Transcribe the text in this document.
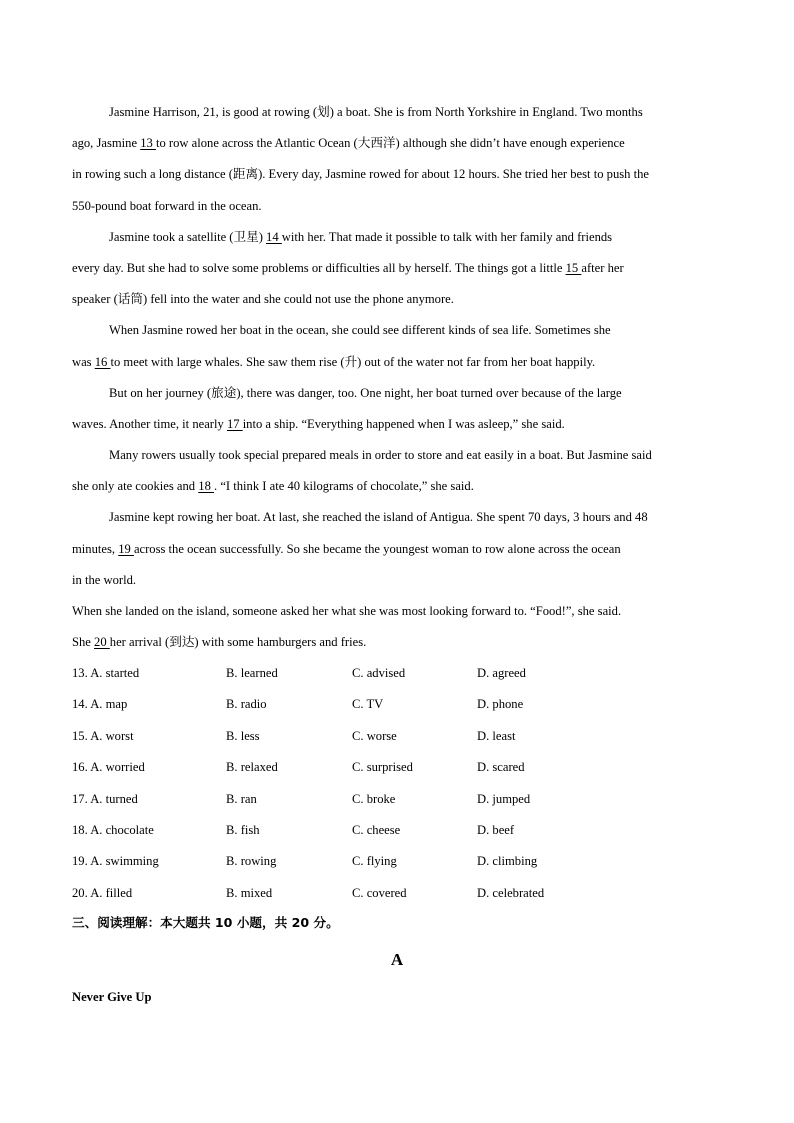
Jasmine Harrison, 21, is good at rowing (划) a boat. She is from North Yorkshire in England. Two months
ago, Jasmine 13 to row alone across the Atlantic Ocean (大西洋) although she didn’t have enough experience
in rowing such a long distance (距离). Every day, Jasmine rowed for about 12 hours. She tried her best to push the
550-pound boat forward in the ocean.
Jasmine took a satellite (卫星) 14 with her. That made it possible to talk with her family and friends
every day. But she had to solve some problems or difficulties all by herself. The things got a little 15 after her
speaker (话筒) fell into the water and she could not use the phone anymore.
When Jasmine rowed her boat in the ocean, she could see different kinds of sea life. Sometimes she
was 16 to meet with large whales. She saw them rise (升) out of the water not far from her boat happily.
But on her journey (旅途), there was danger, too. One night, her boat turned over because of the large
waves. Another time, it nearly 17 into a ship. “Everything happened when I was asleep,” she said.
Many rowers usually took special prepared meals in order to store and eat easily in a boat. But Jasmine said
she only ate cookies and 18 . “I think I ate 40 kilograms of chocolate,” she said.
Jasmine kept rowing her boat. At last, she reached the island of Antigua. She spent 70 days, 3 hours and 48
minutes, 19 across the ocean successfully. So she became the youngest woman to row alone across the ocean
in the world.
When she landed on the island, someone asked her what she was most looking forward to. “Food!”, she said.
She 20 her arrival (到达) with some hamburgers and fries.
13. A. started	B. learned	C. advised	D. agreed
14. A. map	B. radio	C. TV	D. phone
15. A. worst	B. less	C. worse	D. least
16. A. worried	B. relaxed	C. surprised	D. scared
17. A. turned	B. ran	C. broke	D. jumped
18. A. chocolate	B. fish	C. cheese	D. beef
19. A. swimming	B. rowing	C. flying	D. climbing
20. A. filled	B. mixed	C. covered	D. celebrated
三、阅读理解：本大题共 10 小题，共 20 分。
A
Never Give Up
